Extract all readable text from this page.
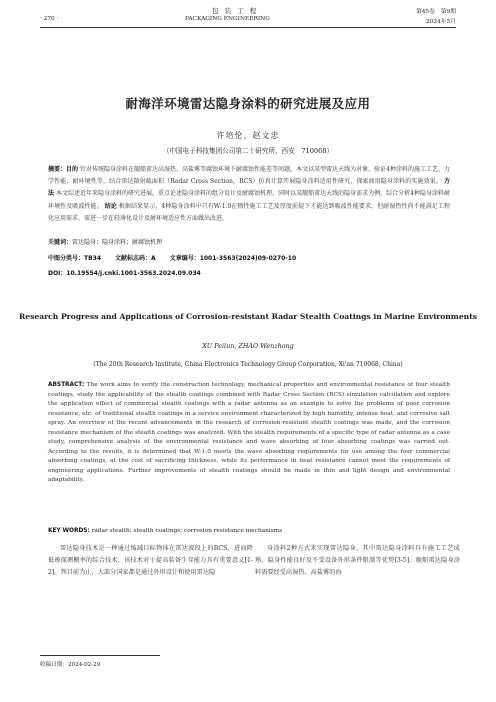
包 装 工 程	第45卷　第9期
· 270 ·	PACKAGING ENGINEERING	2024年5月
耐海洋环境雷达隐身涂料的研究进展及应用
许培伦，赵文忠
（中国电子科技集团公司第二十研究所，西安　710068）
摘要：目的 针对传统隐身涂料在舰船雷达高湿热、高盐雾等腐蚀环境下耐腐蚀性能差等问题，本文以某型雷达天线为对象，验证4种涂料的施工工艺、力学性能、耐环境性等，结合雷达散射截面积（Radar Cross Section，RCS）仿真计算开展隐身涂料适用性研究，探索商用隐身涂料的实施效果。 方法 本文综述近年来隐身涂料的研究进展，重点论述隐身涂料的组分设计及耐腐蚀机理，同时以某舰船雷达天线的隐身需求为例，综合分析4种隐身涂料耐环境性及吸波性能。 结论 根据结果显示，4种隐身涂料中只有W-1.0在牺牲施工工艺及厚度前提下才能达到吸波性能要求，但耐湿热性尚不能满足工程化应用需求，需进一步在轻薄化设计及耐环境适应性方面做出改进。
关键词：雷达隐身；隐身涂料；耐腐蚀机理
中图分类号：TB34 文献标志码：A 文章编号：1001-3563(2024)09-0270-10
DOI：10.19554/j.cnki.1001-3563.2024.09.034
Research Progress and Applications of Corrosion-resistant Radar Stealth Coatings in Marine Environments
XU Peilun, ZHAO Wenzhong
(The 20th Research Institute, China Electronics Technology Group Corporation, Xi'an 710068, China)
ABSTRACT: The work aims to verify the construction technology, mechanical properties and environmental resistance of four stealth coatings, study the applicability of the stealth coatings combined with Radar Cross Section (RCS) simulation calculation and explore the application effect of commercial stealth coatings with a radar antenna as an example to solve the problems of poor corrosion resistance, etc. of traditional stealth coatings in a service environment characterized by high humidity, intense heat, and corrosive salt spray. An overview of the recent advancements in the research of corrosion-resistant stealth coatings was made, and the corrosion resistance mechanism of the stealth coatings was analyzed. With the stealth requirements of a specific type of radar antenna as a case study, comprehensive analysis of the environmental resistance and wave absorbing of four absorbing coatings was carried out. According to the results, it is determined that W-1.0 meets the wave absorbing requirements for use among the four commercial absorbing coatings, at the cost of sacrificing thickness, while its performance in heat resistance cannot meet the requirements of engineering applications. Further improvements of stealth coatings should be made in thin and light design and environmental adaptability.
KEY WORDS: radar stealth; stealth coatings; corrosion resistance mechanisms
雷达隐身技术是一种通过缩减目标物体在雷达波段上的RCS，进而降低被探测概率的综合技术，该技术对于提高装备生存能力具有重要意义[1-2]。判目前为止，大部分国家都是通过外形设计和使用雷达隐
身涂料2种方式来实现雷达隐身，其中雷达隐身涂料具有施工工艺成熟、隐身性能良好及不受设备外形条件限制等优势[3-5]。舰船雷达隐身涂料需要经受高湿热、高盐雾的海
收稿日期：2024-02-29
